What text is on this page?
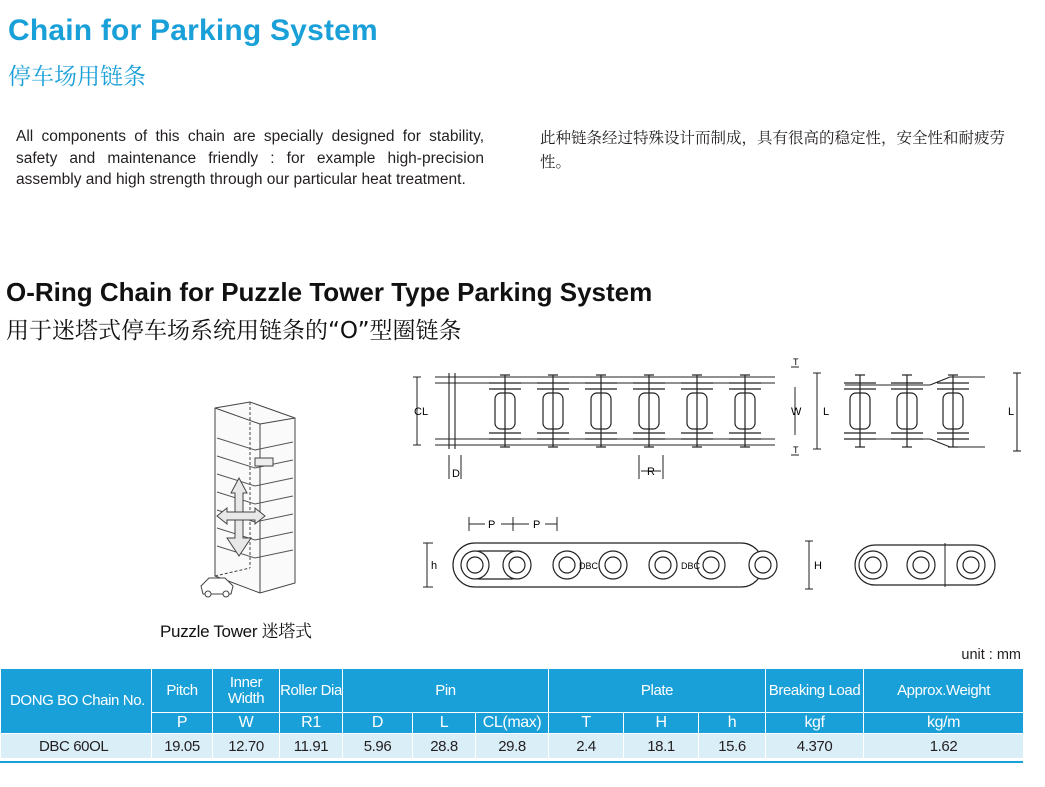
Chain for Parking System
停车场用链条

All components of this chain are specially designed for stability, safety and maintenance friendly : for example high-precision assembly and high strength through our particular heat treatment.

此种链条经过特殊设计而制成，具有很高的稳定性，安全性和耐疲劳性。

O-Ring Chain for Puzzle Tower Type Parking System
用于迷塔式停车场系统用链条的“O”型圈链条
Puzzle Tower 迷塔式
CL
D	R
T
W
T
L	L
DBC	DBC
P	P
h	H
unit : mm
DONG BO Chain No.	Pitch	Inner Width	Roller Dia	Pin			Plate			Breaking Load	Approx.Weight
	P	W	R1	D	L	CL(max)	T	H	h	kgf	kg/m
DBC 60OL	19.05	12.70	11.91	5.96	28.8	29.8	2.4	18.1	15.6	4.370	1.62
